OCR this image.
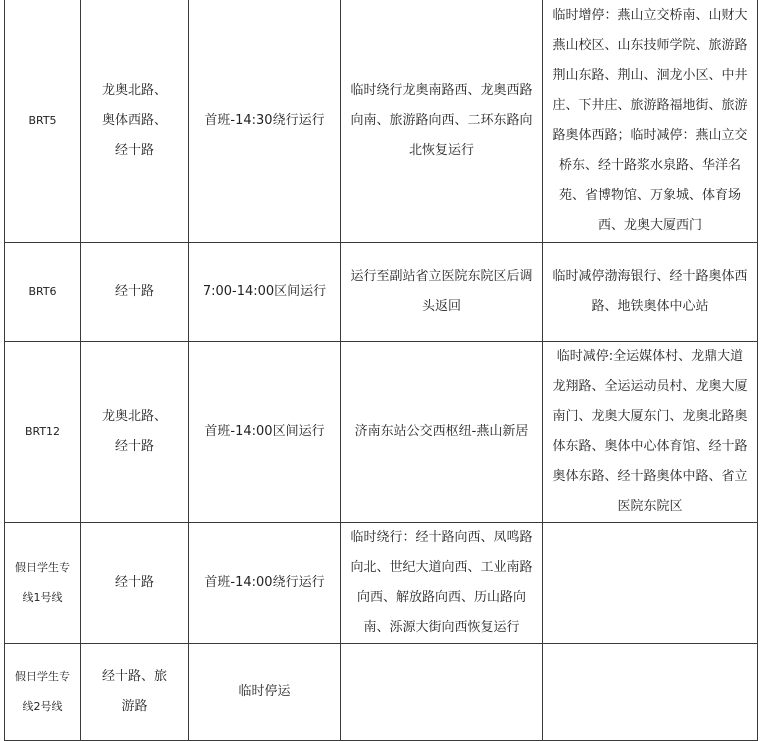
BRT5	龙奥北路、奥体西路、经十路	首班-14:30绕行运行	临时绕行龙奥南路西、龙奥西路向南、旅游路向西、二环东路向北恢复运行	临时增停：燕山立交桥南、山财大燕山校区、山东技师学院、旅游路荆山东路、荆山、洄龙小区、中井庄、下井庄、旅游路福地街、旅游路奥体西路；临时减停：燕山立交桥东、经十路浆水泉路、华洋名苑、省博物馆、万象城、体育场西、龙奥大厦西门
BRT6	经十路	7:00-14:00区间运行	运行至副站省立医院东院区后调头返回	临时减停渤海银行、经十路奥体西路、地铁奥体中心站
BRT12	龙奥北路、经十路	首班-14:00区间运行	济南东站公交西枢纽-燕山新居	临时减停:全运媒体村、龙鼎大道龙翔路、全运运动员村、龙奥大厦南门、龙奥大厦东门、龙奥北路奥体东路、奥体中心体育馆、经十路奥体东路、经十路奥体中路、省立医院东院区
假日学生专线1号线	经十路	首班-14:00绕行运行	临时绕行：经十路向西、凤鸣路向北、世纪大道向西、工业南路向西、解放路向西、历山路向南、泺源大街向西恢复运行	
假日学生专线2号线	经十路、旅游路	临时停运		
